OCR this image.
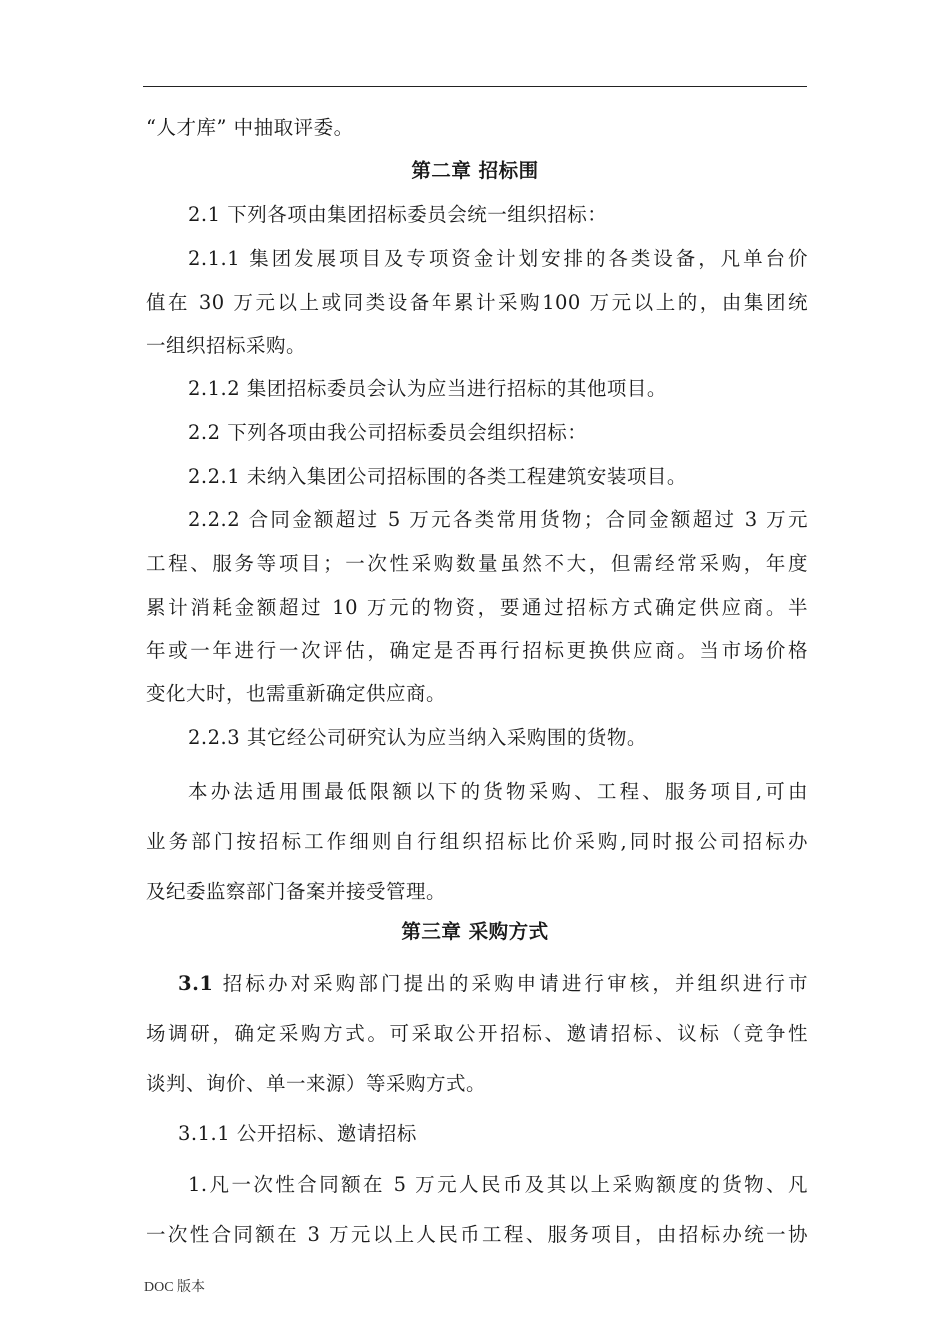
“人才库” 中抽取评委。

第二章 招标围

2.1 下列各项由集团招标委员会统一组织招标：

2.1.1 集团发展项目及专项资金计划安排的各类设备，凡单台价

值在 30 万元以上或同类设备年累计采购100 万元以上的，由集团统

一组织招标采购。

2.1.2 集团招标委员会认为应当进行招标的其他项目。

2.2 下列各项由我公司招标委员会组织招标：

2.2.1 未纳入集团公司招标围的各类工程建筑安装项目。

2.2.2 合同金额超过 5 万元各类常用货物；合同金额超过 3 万元

工程、服务等项目；一次性采购数量虽然不大，但需经常采购，年度

累计消耗金额超过 10 万元的物资，要通过招标方式确定供应商。半

年或一年进行一次评估，确定是否再行招标更换供应商。当市场价格

变化大时，也需重新确定供应商。

2.2.3 其它经公司研究认为应当纳入采购围的货物。

本办法适用围最低限额以下的货物采购、工程、服务项目,可由

业务部门按招标工作细则自行组织招标比价采购,同时报公司招标办

及纪委监察部门备案并接受管理。

第三章 采购方式

3.1 招标办对采购部门提出的采购申请进行审核，并组织进行市

场调研，确定采购方式。可采取公开招标、邀请招标、议标（竞争性

谈判、询价、单一来源）等采购方式。

3.1.1 公开招标、邀请招标

1.凡一次性合同额在 5 万元人民币及其以上采购额度的货物、凡

一次性合同额在 3 万元以上人民币工程、服务项目，由招标办统一协

DOC 版本
